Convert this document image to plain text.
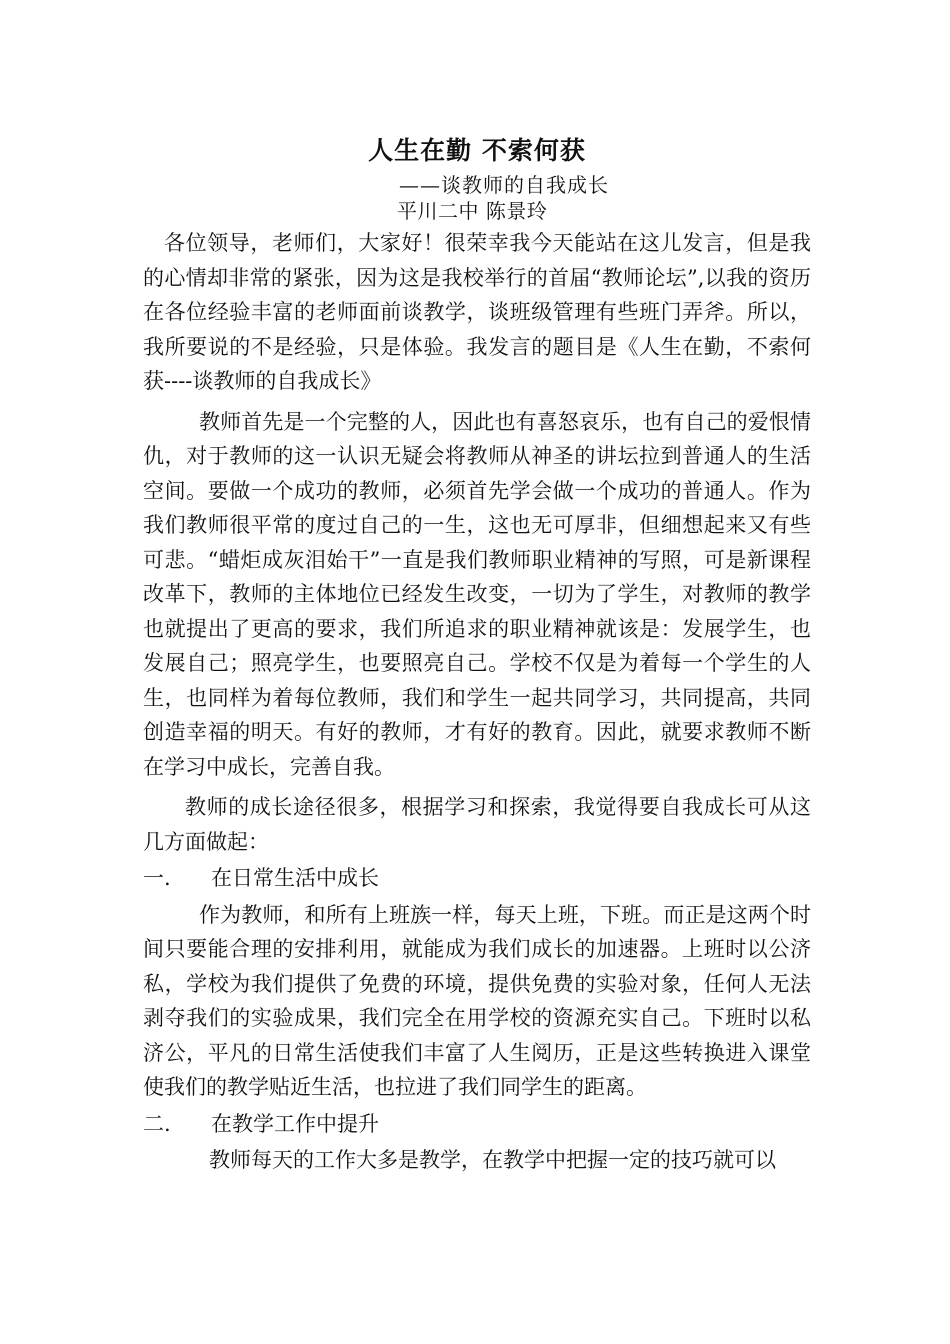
人生在勤 不索何获

——谈教师的自我成长

平川二中 陈景玲

各位领导，老师们，大家好！很荣幸我今天能站在这儿发言，但是我的心情却非常的紧张，因为这是我校举行的首届“教师论坛”,以我的资历在各位经验丰富的老师面前谈教学，谈班级管理有些班门弄斧。所以，我所要说的不是经验，只是体验。我发言的题目是《人生在勤，不索何获----谈教师的自我成长》

教师首先是一个完整的人，因此也有喜怒哀乐，也有自己的爱恨情仇，对于教师的这一认识无疑会将教师从神圣的讲坛拉到普通人的生活空间。要做一个成功的教师，必须首先学会做一个成功的普通人。作为我们教师很平常的度过自己的一生，这也无可厚非，但细想起来又有些可悲。“蜡炬成灰泪始干”一直是我们教师职业精神的写照，可是新课程改革下，教师的主体地位已经发生改变，一切为了学生，对教师的教学也就提出了更高的要求，我们所追求的职业精神就该是：发展学生，也发展自己；照亮学生，也要照亮自己。学校不仅是为着每一个学生的人生，也同样为着每位教师，我们和学生一起共同学习，共同提高，共同创造幸福的明天。有好的教师，才有好的教育。因此，就要求教师不断在学习中成长，完善自我。

教师的成长途径很多，根据学习和探索，我觉得要自我成长可从这几方面做起：

一.	在日常生活中成长

作为教师，和所有上班族一样，每天上班，下班。而正是这两个时间只要能合理的安排利用，就能成为我们成长的加速器。上班时以公济私，学校为我们提供了免费的环境，提供免费的实验对象，任何人无法剥夺我们的实验成果，我们完全在用学校的资源充实自己。下班时以私济公，平凡的日常生活使我们丰富了人生阅历，正是这些转换进入课堂使我们的教学贴近生活，也拉进了我们同学生的距离。

二.	在教学工作中提升

教师每天的工作大多是教学，在教学中把握一定的技巧就可以
